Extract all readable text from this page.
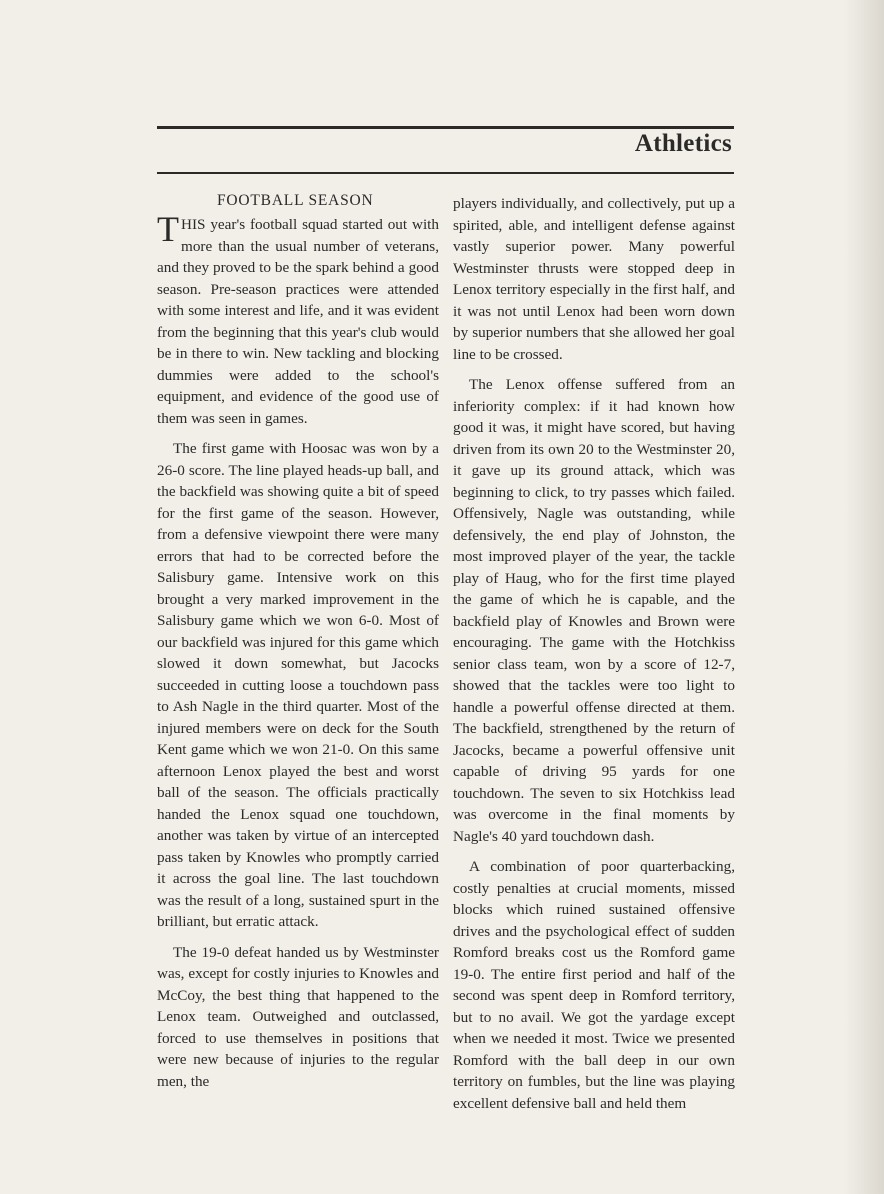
Athletics
FOOTBALL SEASON

THIS year's football squad started out with more than the usual number of veterans, and they proved to be the spark behind a good season. Pre-season practices were attended with some interest and life, and it was evident from the beginning that this year's club would be in there to win. New tackling and blocking dummies were added to the school's equipment, and evidence of the good use of them was seen in games.

The first game with Hoosac was won by a 26-0 score. The line played heads-up ball, and the backfield was showing quite a bit of speed for the first game of the season. However, from a defensive viewpoint there were many errors that had to be corrected before the Salisbury game. Intensive work on this brought a very marked improvement in the Salisbury game which we won 6-0. Most of our backfield was injured for this game which slowed it down somewhat, but Jacocks succeeded in cutting loose a touchdown pass to Ash Nagle in the third quarter. Most of the injured members were on deck for the South Kent game which we won 21-0. On this same afternoon Lenox played the best and worst ball of the season. The officials practically handed the Lenox squad one touchdown, another was taken by virtue of an intercepted pass taken by Knowles who promptly carried it across the goal line. The last touchdown was the result of a long, sustained spurt in the brilliant, but erratic attack.

The 19-0 defeat handed us by Westminster was, except for costly injuries to Knowles and McCoy, the best thing that happened to the Lenox team. Outweighed and outclassed, forced to use themselves in positions that were new because of injuries to the regular men, the

players individually, and collectively, put up a spirited, able, and intelligent defense against vastly superior power. Many powerful Westminster thrusts were stopped deep in Lenox territory especially in the first half, and it was not until Lenox had been worn down by superior numbers that she allowed her goal line to be crossed.

The Lenox offense suffered from an inferiority complex: if it had known how good it was, it might have scored, but having driven from its own 20 to the Westminster 20, it gave up its ground attack, which was beginning to click, to try passes which failed. Offensively, Nagle was outstanding, while defensively, the end play of Johnston, the most improved player of the year, the tackle play of Haug, who for the first time played the game of which he is capable, and the backfield play of Knowles and Brown were encouraging. The game with the Hotchkiss senior class team, won by a score of 12-7, showed that the tackles were too light to handle a powerful offense directed at them. The backfield, strengthened by the return of Jacocks, became a powerful offensive unit capable of driving 95 yards for one touchdown. The seven to six Hotchkiss lead was overcome in the final moments by Nagle's 40 yard touchdown dash.

A combination of poor quarterbacking, costly penalties at crucial moments, missed blocks which ruined sustained offensive drives and the psychological effect of sudden Romford breaks cost us the Romford game 19-0. The entire first period and half of the second was spent deep in Romford territory, but to no avail. We got the yardage except when we needed it most. Twice we presented Romford with the ball deep in our own territory on fumbles, but the line was playing excellent defensive ball and held them
